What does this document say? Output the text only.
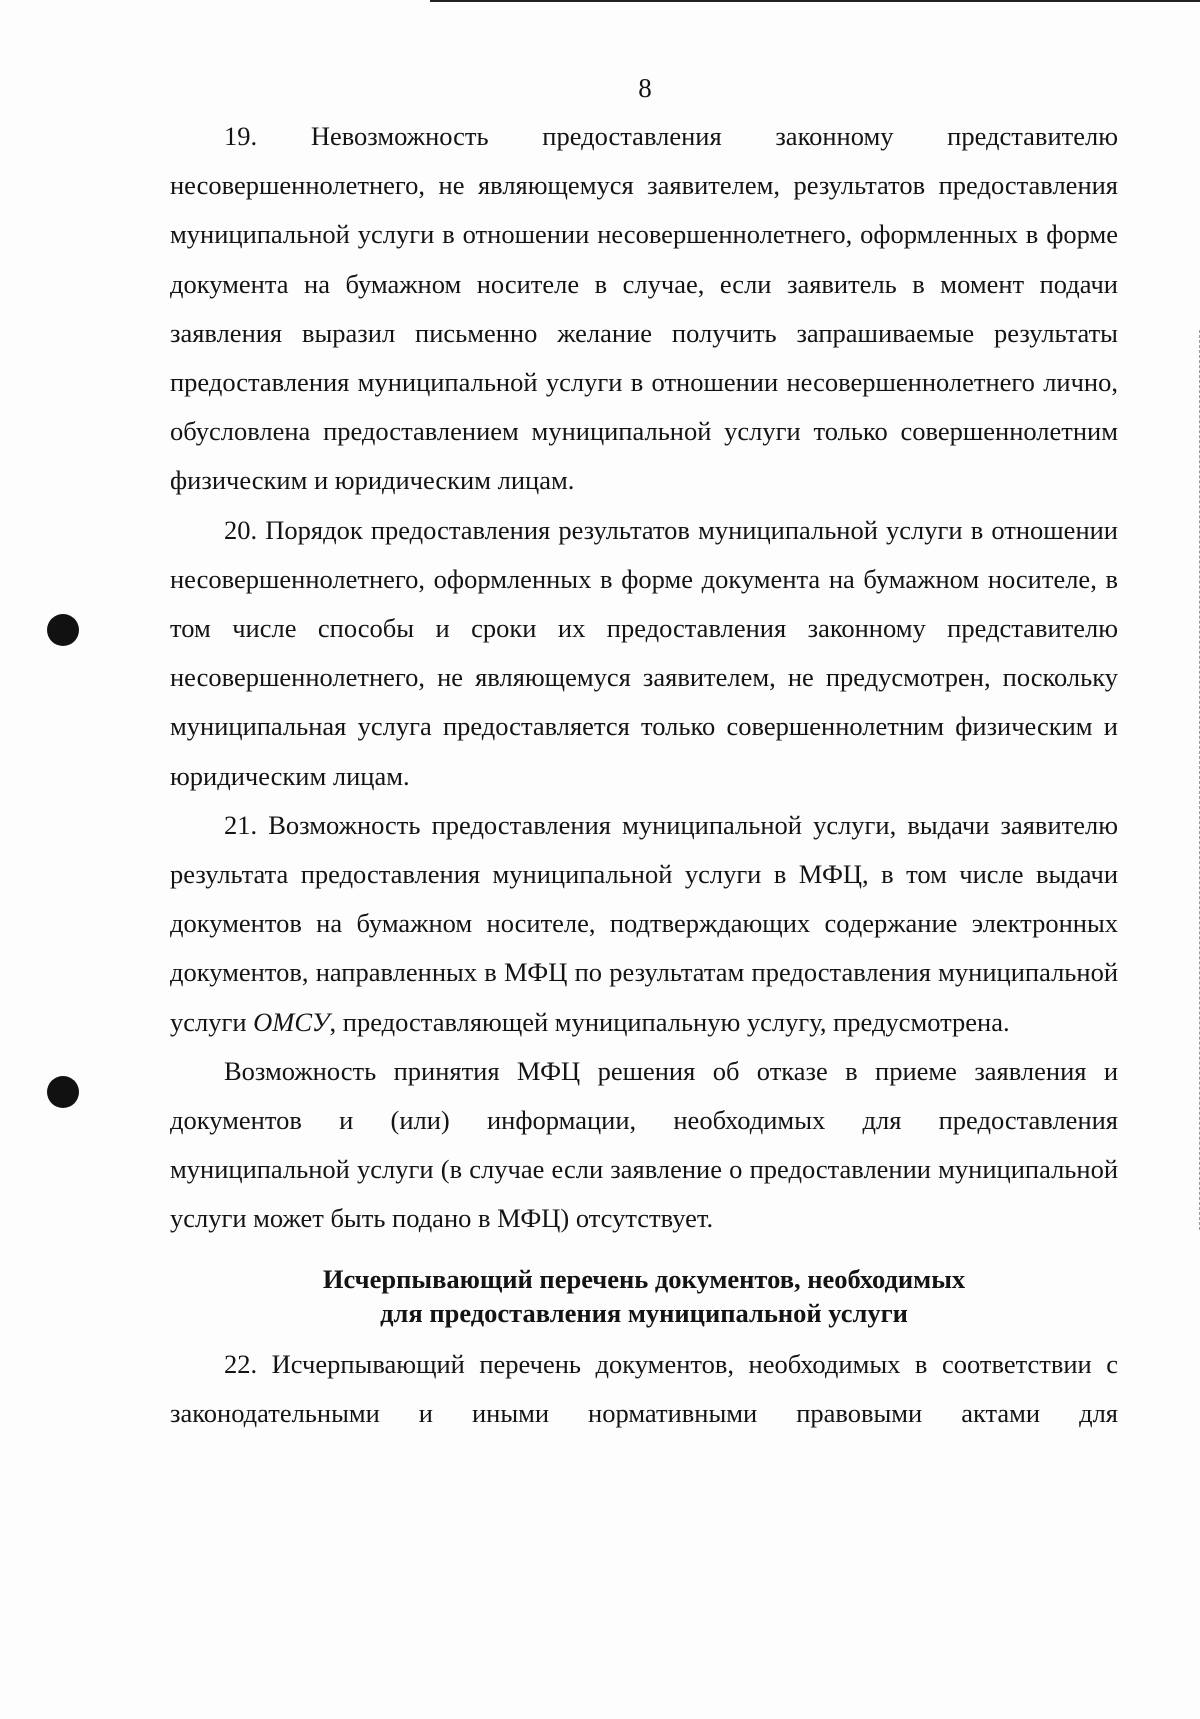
8

19. Невозможность предоставления законному представителю несовершеннолетнего, не являющемуся заявителем, результатов предоставления муниципальной услуги в отношении несовершеннолетнего, оформленных в форме документа на бумажном носителе в случае, если заявитель в момент подачи заявления выразил письменно желание получить запрашиваемые результаты предоставления муниципальной услуги в отношении несовершеннолетнего лично, обусловлена предоставлением муниципальной услуги только совершеннолетним физическим и юридическим лицам.

20. Порядок предоставления результатов муниципальной услуги в отношении несовершеннолетнего, оформленных в форме документа на бумажном носителе, в том числе способы и сроки их предоставления законному представителю несовершеннолетнего, не являющемуся заявителем, не предусмотрен, поскольку муниципальная услуга предоставляется только совершеннолетним физическим и юридическим лицам.

21. Возможность предоставления муниципальной услуги, выдачи заявителю результата предоставления муниципальной услуги в МФЦ, в том числе выдачи документов на бумажном носителе, подтверждающих содержание электронных документов, направленных в МФЦ по результатам предоставления муниципальной услуги ОМСУ, предоставляющей муниципальную услугу, предусмотрена.

Возможность принятия МФЦ решения об отказе в приеме заявления и документов и (или) информации, необходимых для предоставления муниципальной услуги (в случае если заявление о предоставлении муниципальной услуги может быть подано в МФЦ) отсутствует.

Исчерпывающий перечень документов, необходимых
для предоставления муниципальной услуги

22. Исчерпывающий перечень документов, необходимых в соответствии с законодательными и иными нормативными правовыми актами для
